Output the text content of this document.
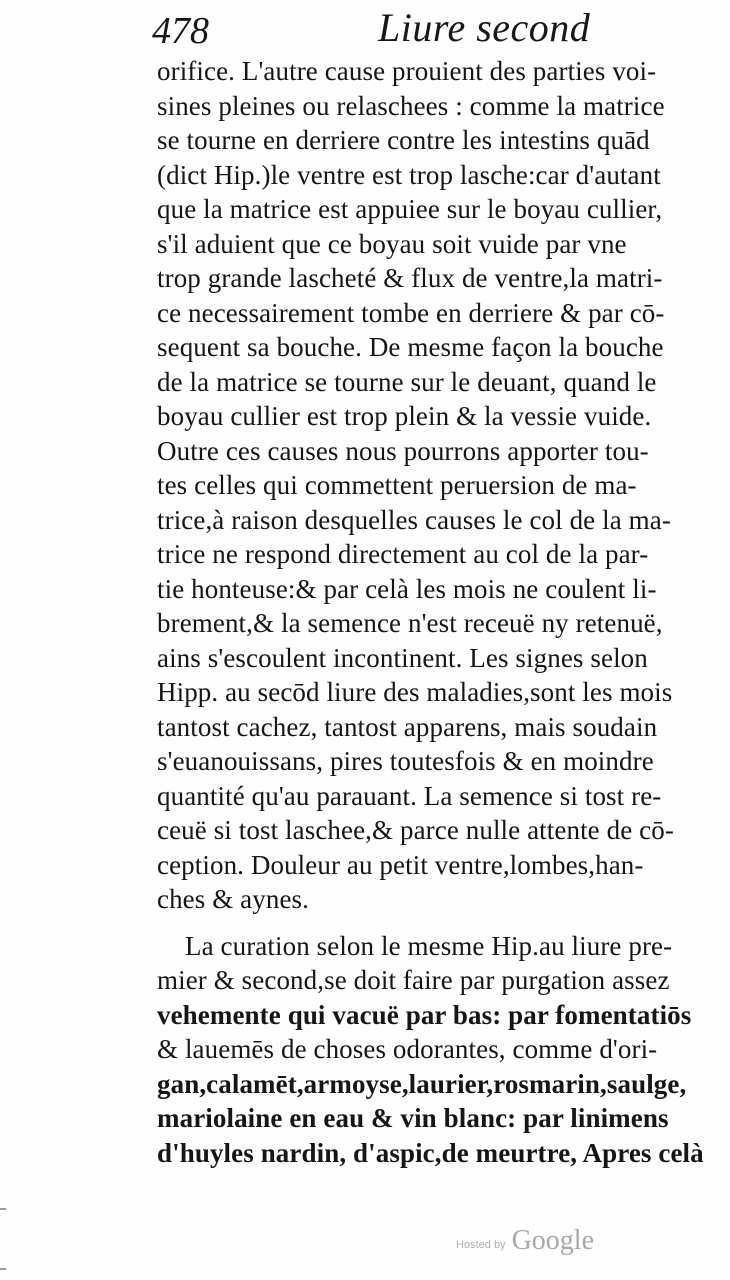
478	Liure second
orifice. L'autre cause prouient des parties voi-
sines pleines ou relaschees : comme la matrice
se tourne en derriere contre les intestins quād
(dict Hip.)le ventre est trop lasche:car d'autant
que la matrice est appuiee sur le boyau cullier,
s'il aduient que ce boyau soit vuide par vne
trop grande lascheté & flux de ventre,la matri-
ce necessairement tombe en derriere & par cō-
sequent sa bouche. De mesme façon la bouche
de la matrice se tourne sur le deuant, quand le
boyau cullier est trop plein & la vessie vuide.
Outre ces causes nous pourrons apporter tou-
tes celles qui commettent peruersion de ma-
trice,à raison desquelles causes le col de la ma-
trice ne respond directement au col de la par-
tie honteuse:& par celà les mois ne coulent li-
brement,& la semence n'est receuë ny retenuë,
ains s'escoulent incontinent. Les signes selon
Hipp. au secōd liure des maladies,sont les mois
tantost cachez, tantost apparens, mais soudain
s'euanouissans, pires toutesfois & en moindre
quantité qu'au parauant. La semence si tost re-
ceuë si tost laschee,& parce nulle attente de cō-
ception. Douleur au petit ventre,lombes,han-
ches & aynes.
La curation selon le mesme Hip.au liure pre-
mier & second,se doit faire par purgation assez
vehemente qui vacuë par bas: par fomentatiōs
& lauemēs de choses odorantes, comme d'ori-
gan,calamēt,armoyse,laurier,rosmarin,saulge,
mariolaine en eau & vin blanc: par linimens
d'huyles nardin, d'aspic,de meurtre, Apres celà
Hosted by Google
